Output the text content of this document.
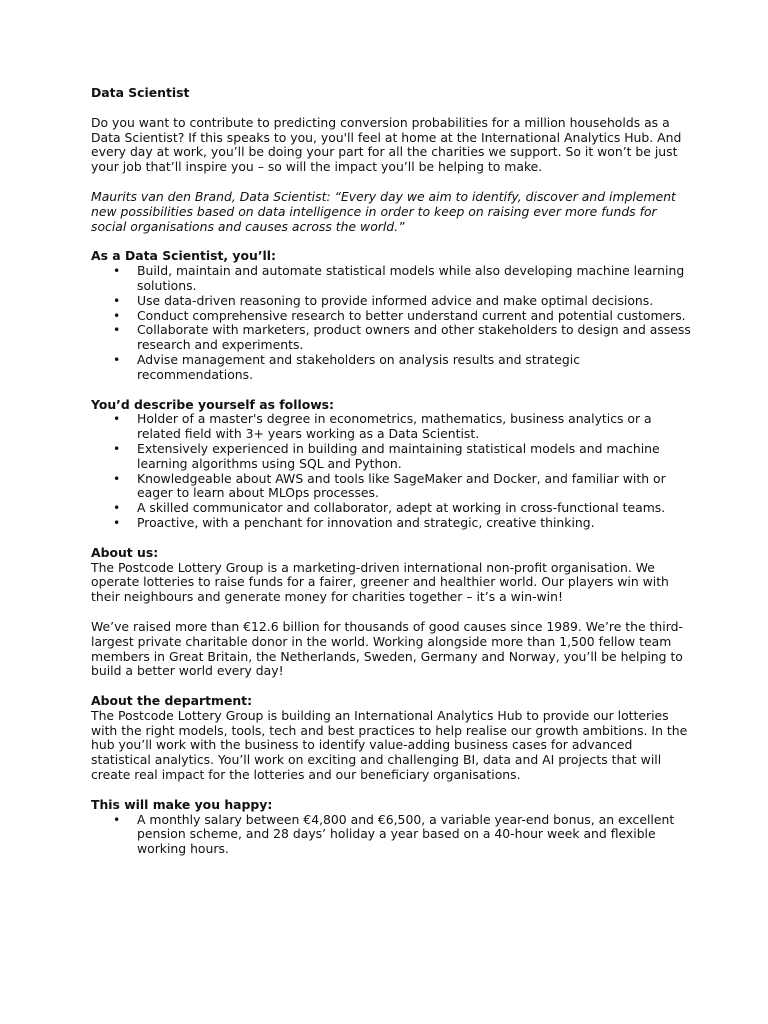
Data Scientist

Do you want to contribute to predicting conversion probabilities for a million households as a Data Scientist? If this speaks to you, you'll feel at home at the International Analytics Hub. And every day at work, you’ll be doing your part for all the charities we support. So it won’t be just your job that’ll inspire you – so will the impact you’ll be helping to make.

Maurits van den Brand, Data Scientist: “Every day we aim to identify, discover and implement new possibilities based on data intelligence in order to keep on raising ever more funds for social organisations and causes across the world.”

As a Data Scientist, you’ll:

• Build, maintain and automate statistical models while also developing machine learning solutions.
• Use data-driven reasoning to provide informed advice and make optimal decisions.
• Conduct comprehensive research to better understand current and potential customers.
• Collaborate with marketers, product owners and other stakeholders to design and assess research and experiments.
• Advise management and stakeholders on analysis results and strategic recommendations.

You’d describe yourself as follows:

• Holder of a master's degree in econometrics, mathematics, business analytics or a related field with 3+ years working as a Data Scientist.
• Extensively experienced in building and maintaining statistical models and machine learning algorithms using SQL and Python.
• Knowledgeable about AWS and tools like SageMaker and Docker, and familiar with or eager to learn about MLOps processes.
• A skilled communicator and collaborator, adept at working in cross-functional teams.
• Proactive, with a penchant for innovation and strategic, creative thinking.

About us:

The Postcode Lottery Group is a marketing-driven international non-profit organisation. We operate lotteries to raise funds for a fairer, greener and healthier world. Our players win with their neighbours and generate money for charities together – it’s a win-win!

We’ve raised more than €12.6 billion for thousands of good causes since 1989. We’re the third-largest private charitable donor in the world. Working alongside more than 1,500 fellow team members in Great Britain, the Netherlands, Sweden, Germany and Norway, you’ll be helping to build a better world every day!

About the department:

The Postcode Lottery Group is building an International Analytics Hub to provide our lotteries with the right models, tools, tech and best practices to help realise our growth ambitions. In the hub you’ll work with the business to identify value-adding business cases for advanced statistical analytics. You’ll work on exciting and challenging BI, data and AI projects that will create real impact for the lotteries and our beneficiary organisations.

This will make you happy:

• A monthly salary between €4,800 and €6,500, a variable year-end bonus, an excellent pension scheme, and 28 days’ holiday a year based on a 40-hour week and flexible working hours.
